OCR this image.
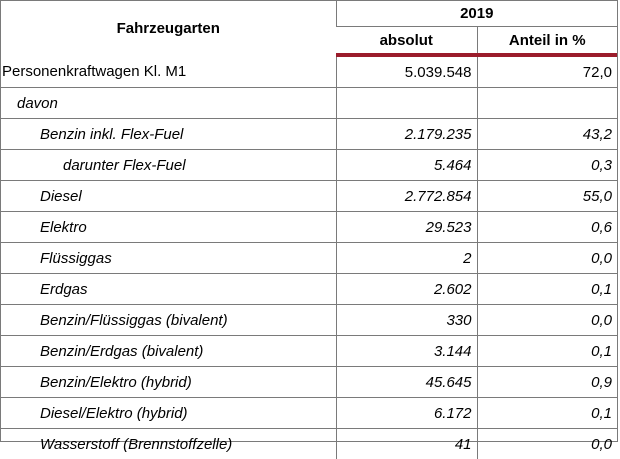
Fahrzeugarten	2019	
	absolut	Anteil in %
Personenkraftwagen Kl. M1	5.039.548	72,0
davon		
Benzin inkl. Flex-Fuel	2.179.235	43,2
darunter Flex-Fuel	5.464	0,3
Diesel	2.772.854	55,0
Elektro	29.523	0,6
Flüssiggas	2	0,0
Erdgas	2.602	0,1
Benzin/Flüssiggas (bivalent)	330	0,0
Benzin/Erdgas (bivalent)	3.144	0,1
Benzin/Elektro (hybrid)	45.645	0,9
Diesel/Elektro (hybrid)	6.172	0,1
Wasserstoff (Brennstoffzelle)	41	0,0
